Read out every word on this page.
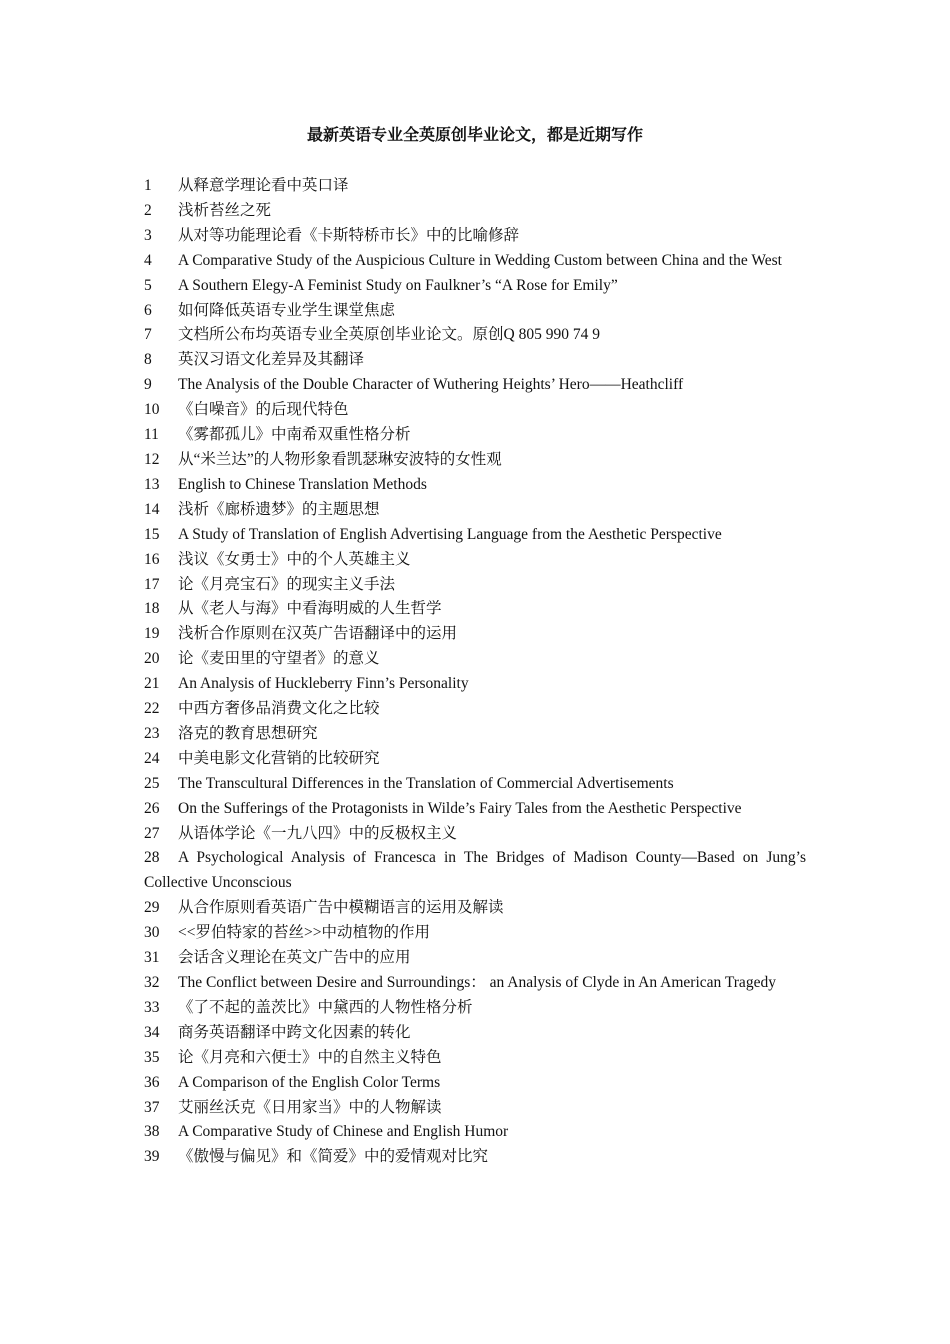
最新英语专业全英原创毕业论文，都是近期写作
1 从释意学理论看中英口译
2 浅析苔丝之死
3 从对等功能理论看《卡斯特桥市长》中的比喻修辞
4 A Comparative Study of the Auspicious Culture in Wedding Custom between China and the West
5 A Southern Elegy-A Feminist Study on Faulkner’s “A Rose for Emily”
6 如何降低英语专业学生课堂焦虑
7 文档所公布均英语专业全英原创毕业论文。原创Q 805 990 74 9
8 英汉习语文化差异及其翻译
9 The Analysis of the Double Character of Wuthering Heights’ Hero——Heathcliff
10 《白噪音》的后现代特色
11 《雾都孤儿》中南希双重性格分析
12 从“米兰达”的人物形象看凯瑟琳安波特的女性观
13 English to Chinese Translation Methods
14 浅析《廊桥遗梦》的主题思想
15 A Study of Translation of English Advertising Language from the Aesthetic Perspective
16 浅议《女勇士》中的个人英雄主义
17 论《月亮宝石》的现实主义手法
18 从《老人与海》中看海明威的人生哲学
19 浅析合作原则在汉英广告语翻译中的运用
20 论《麦田里的守望者》的意义
21 An Analysis of Huckleberry Finn’s Personality
22 中西方奢侈品消费文化之比较
23 洛克的教育思想研究
24 中美电影文化营销的比较研究
25 The Transcultural Differences in the Translation of Commercial Advertisements
26 On the Sufferings of the Protagonists in Wilde’s Fairy Tales from the Aesthetic Perspective
27 从语体学论《一九八四》中的反极权主义
28 A Psychological Analysis of Francesca in The Bridges of Madison County—Based on Jung’s Collective Unconscious
29 从合作原则看英语广告中模糊语言的运用及解读
30 <<罗伯特家的苔丝>>中动植物的作用
31 会话含义理论在英文广告中的应用
32 The Conflict between Desire and Surroundings： an Analysis of Clyde in An American Tragedy
33 《了不起的盖茨比》中黛西的人物性格分析
34 商务英语翻译中跨文化因素的转化
35 论《月亮和六便士》中的自然主义特色
36 A Comparison of the English Color Terms
37 艾丽丝沃克《日用家当》中的人物解读
38 A Comparative Study of Chinese and English Humor
39 《傲慢与偏见》和《简爱》中的爱情观对比究
